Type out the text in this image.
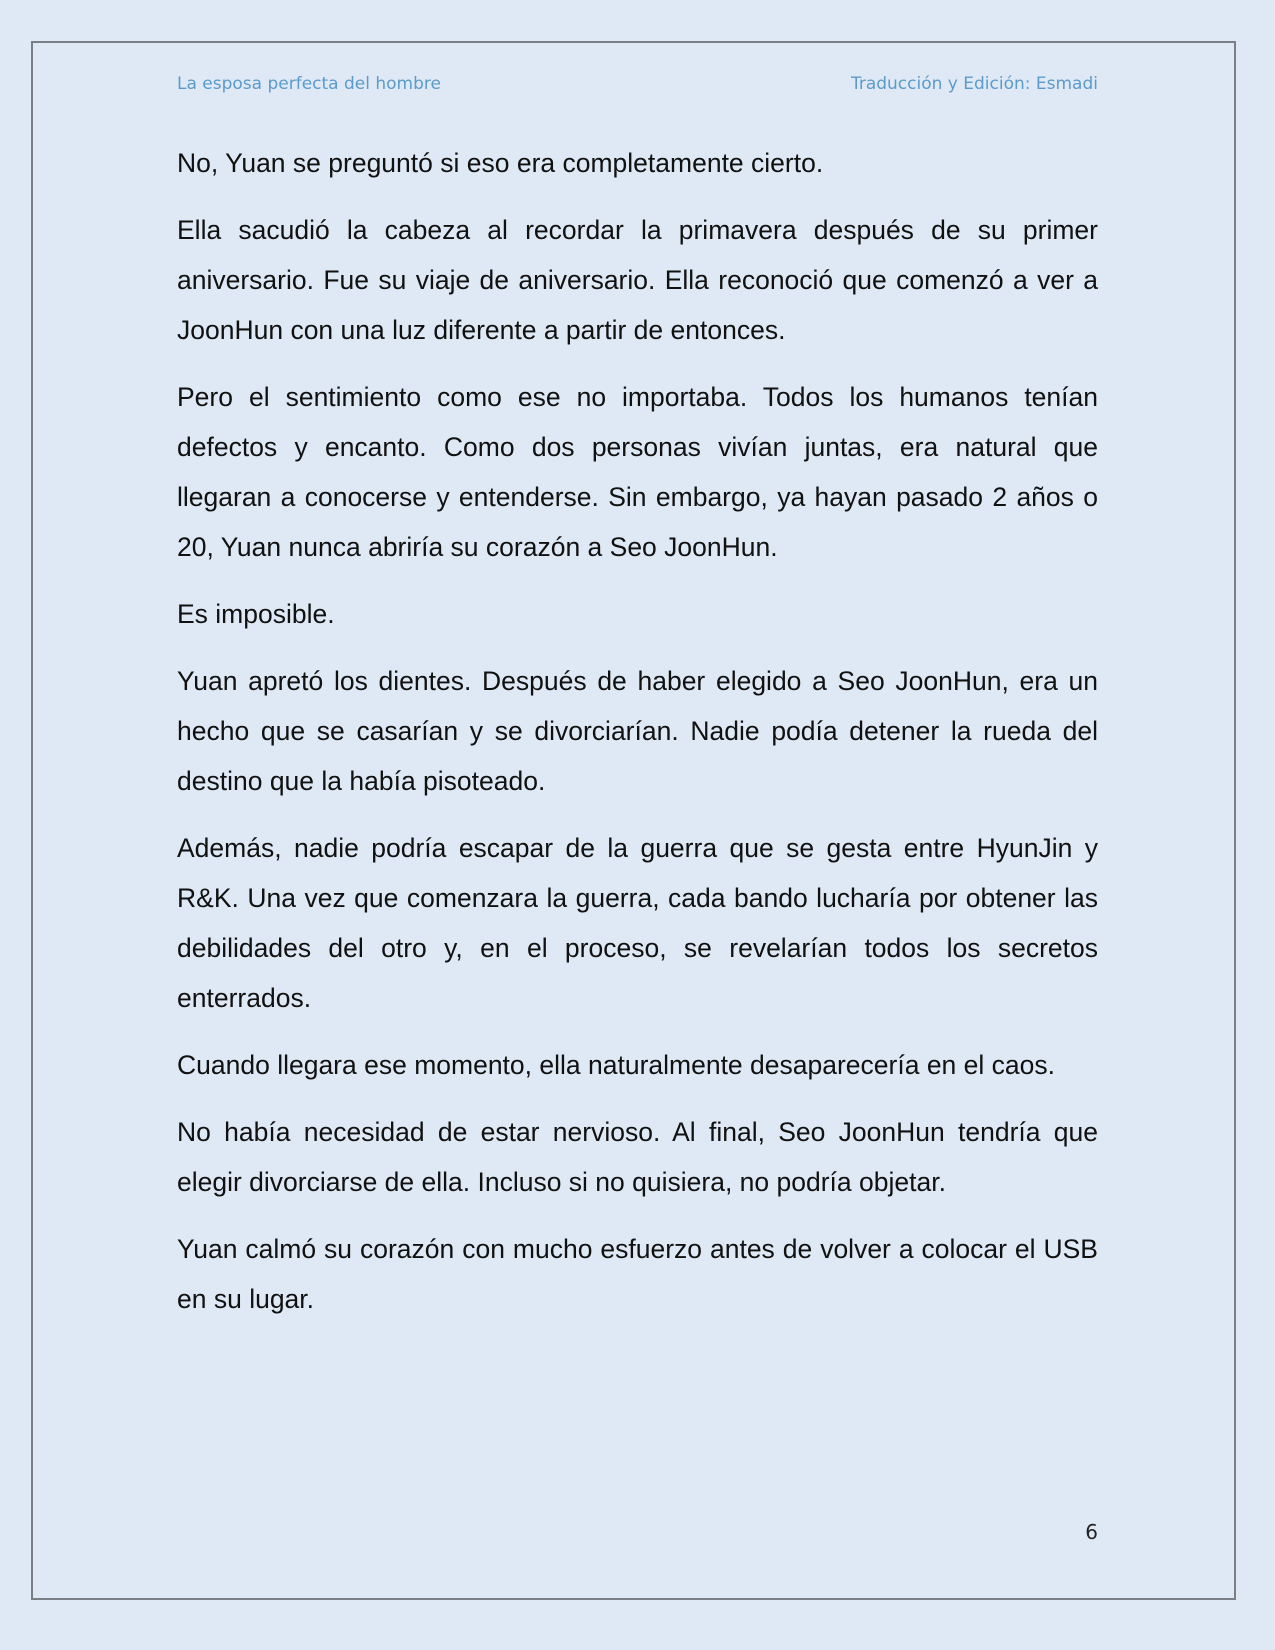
La esposa perfecta del hombre	Traducción y Edición: Esmadi

No, Yuan se preguntó si eso era completamente cierto.

Ella sacudió la cabeza al recordar la primavera después de su primer aniversario. Fue su viaje de aniversario. Ella reconoció que comenzó a ver a JoonHun con una luz diferente a partir de entonces.

Pero el sentimiento como ese no importaba. Todos los humanos tenían defectos y encanto. Como dos personas vivían juntas, era natural que llegaran a conocerse y entenderse. Sin embargo, ya hayan pasado 2 años o 20, Yuan nunca abriría su corazón a Seo JoonHun.

Es imposible.

Yuan apretó los dientes. Después de haber elegido a Seo JoonHun, era un hecho que se casarían y se divorciarían. Nadie podía detener la rueda del destino que la había pisoteado.

Además, nadie podría escapar de la guerra que se gesta entre HyunJin y R&K. Una vez que comenzara la guerra, cada bando lucharía por obtener las debilidades del otro y, en el proceso, se revelarían todos los secretos enterrados.

Cuando llegara ese momento, ella naturalmente desaparecería en el caos.

No había necesidad de estar nervioso. Al final, Seo JoonHun tendría que elegir divorciarse de ella. Incluso si no quisiera, no podría objetar.

Yuan calmó su corazón con mucho esfuerzo antes de volver a colocar el USB en su lugar.

6
